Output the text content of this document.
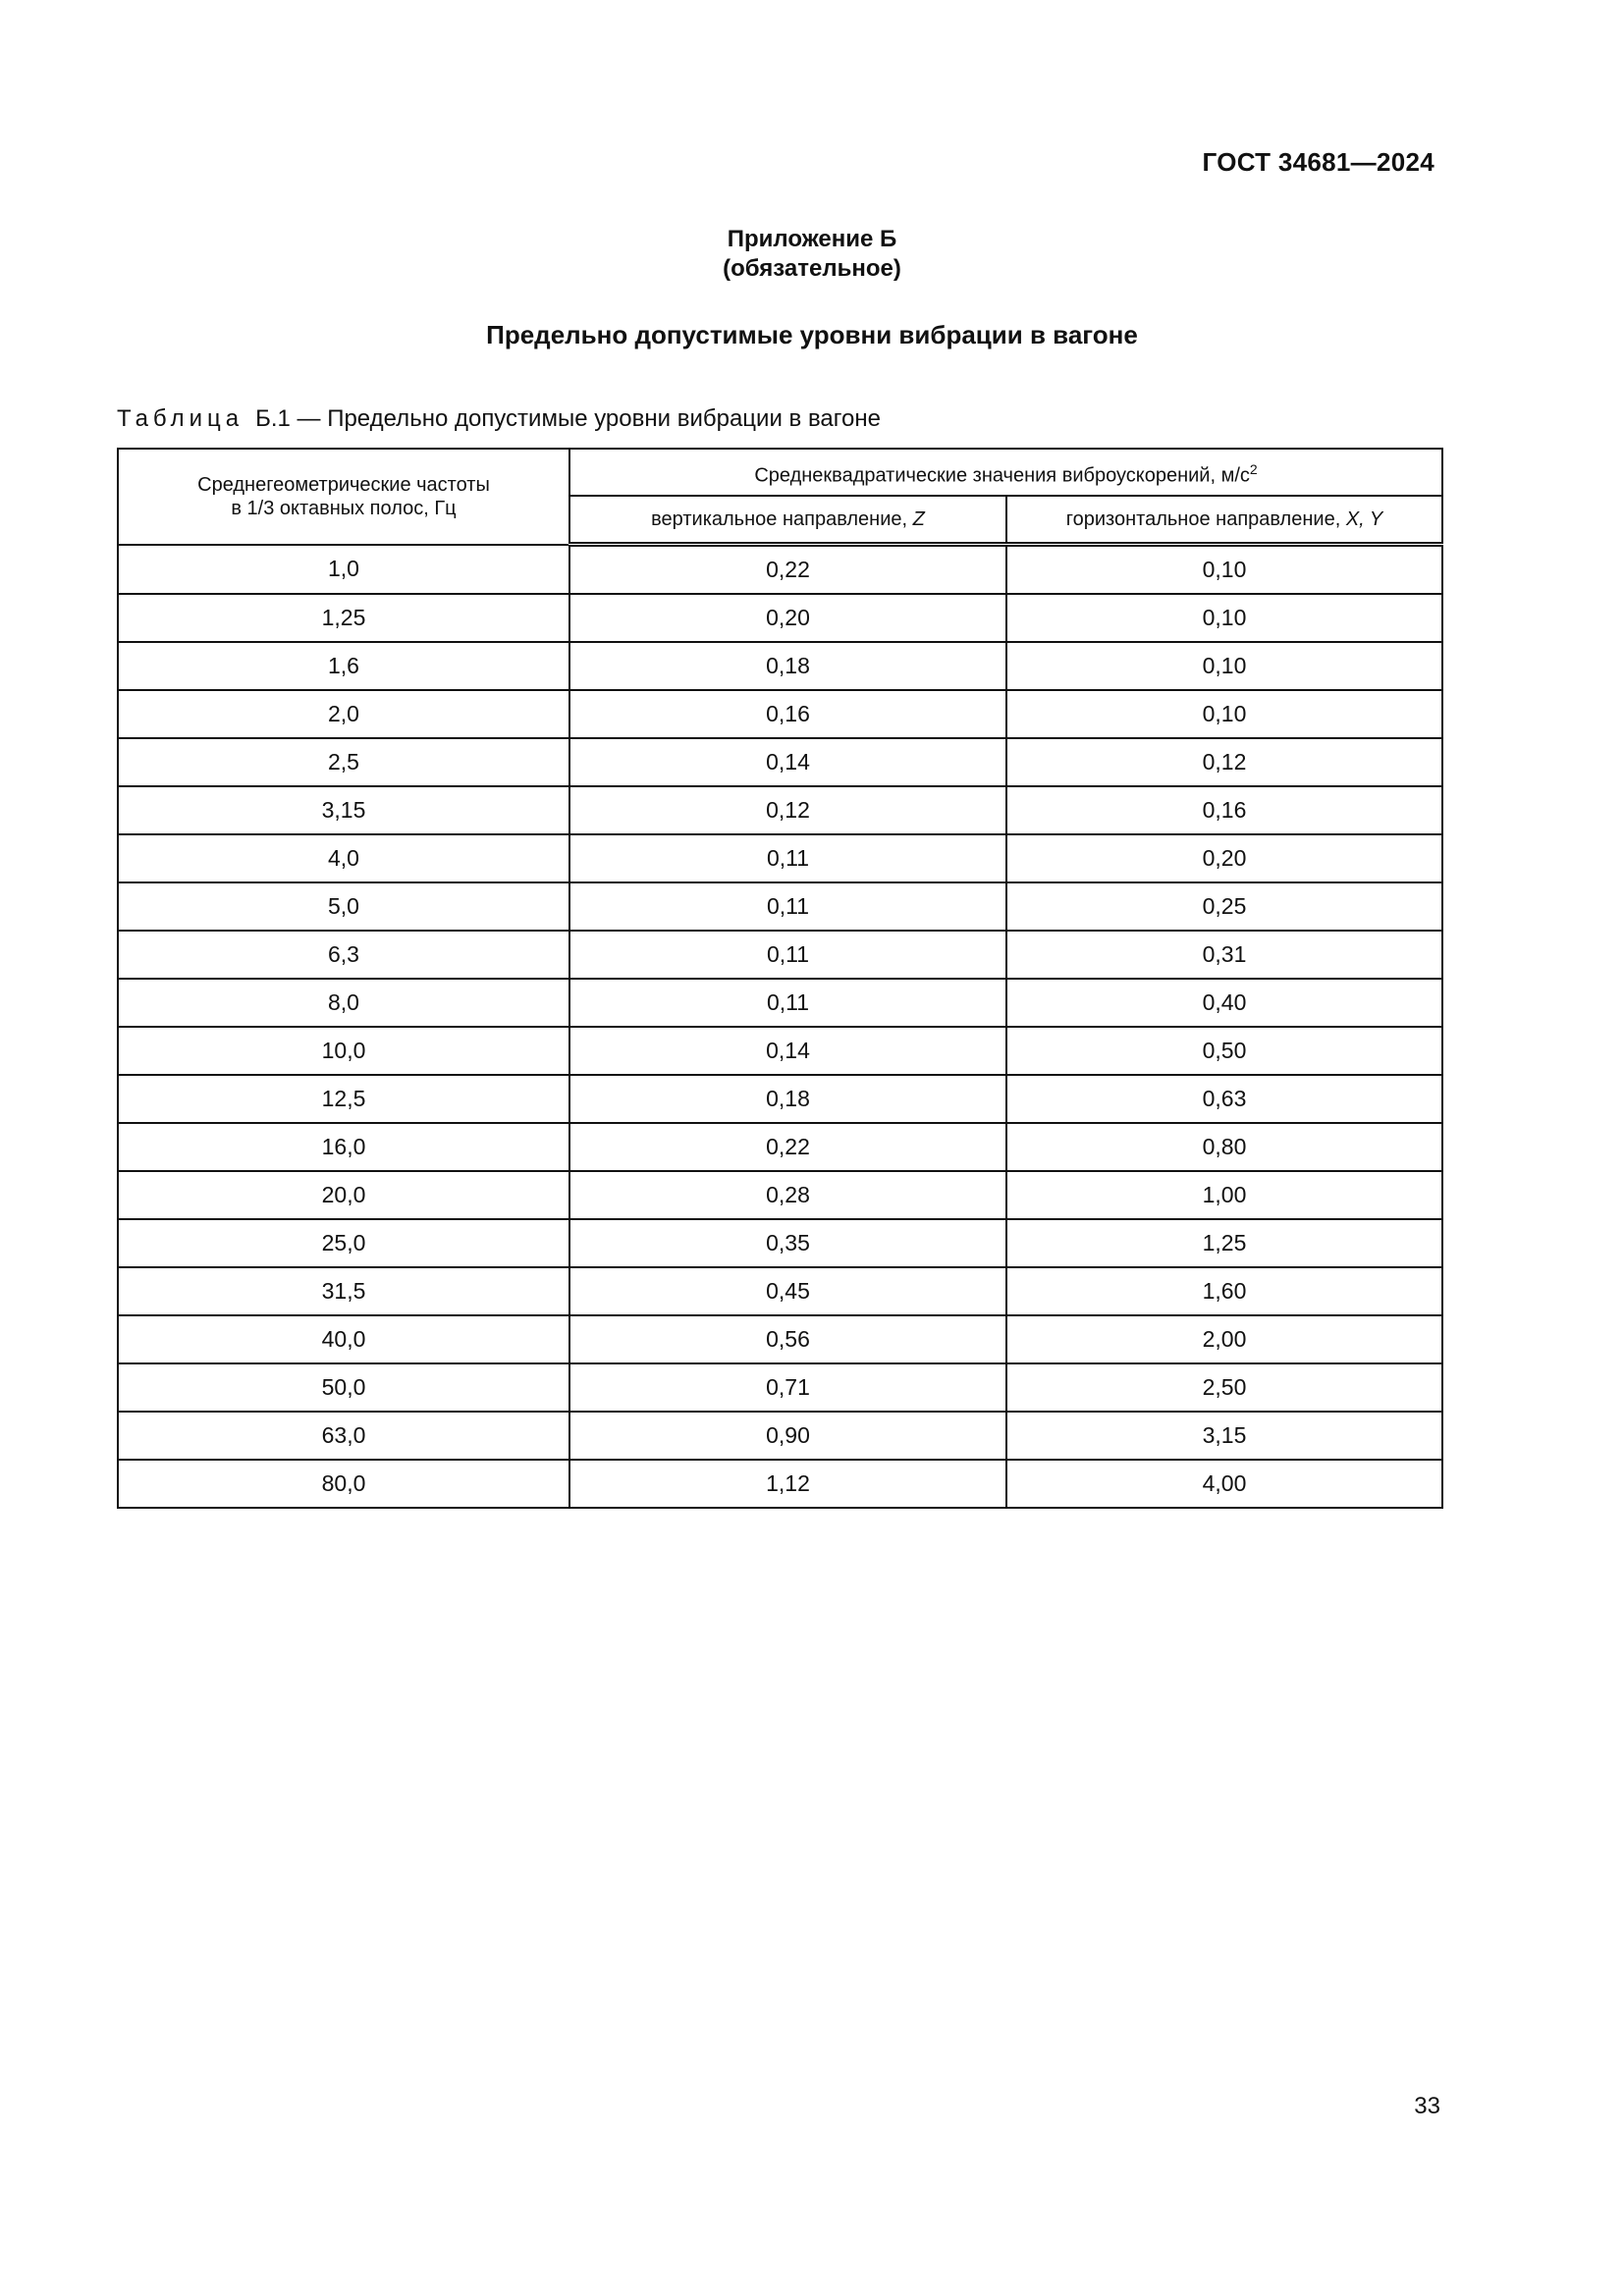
ГОСТ 34681—2024
Приложение Б
(обязательное)
Предельно допустимые уровни вибрации в вагоне
Таблица Б.1 — Предельно допустимые уровни вибрации в вагоне
Среднегеометрические частоты
в 1/3 октавных полос, Гц	Среднеквадратические значения виброускорений, $м/с^2$
	вертикальное направление, Z	горизонтальное направление, X, Y
1,0	0,22	0,10
1,25	0,20	0,10
1,6	0,18	0,10
2,0	0,16	0,10
2,5	0,14	0,12
3,15	0,12	0,16
4,0	0,11	0,20
5,0	0,11	0,25
6,3	0,11	0,31
8,0	0,11	0,40
10,0	0,14	0,50
12,5	0,18	0,63
16,0	0,22	0,80
20,0	0,28	1,00
25,0	0,35	1,25
31,5	0,45	1,60
40,0	0,56	2,00
50,0	0,71	2,50
63,0	0,90	3,15
80,0	1,12	4,00
33
